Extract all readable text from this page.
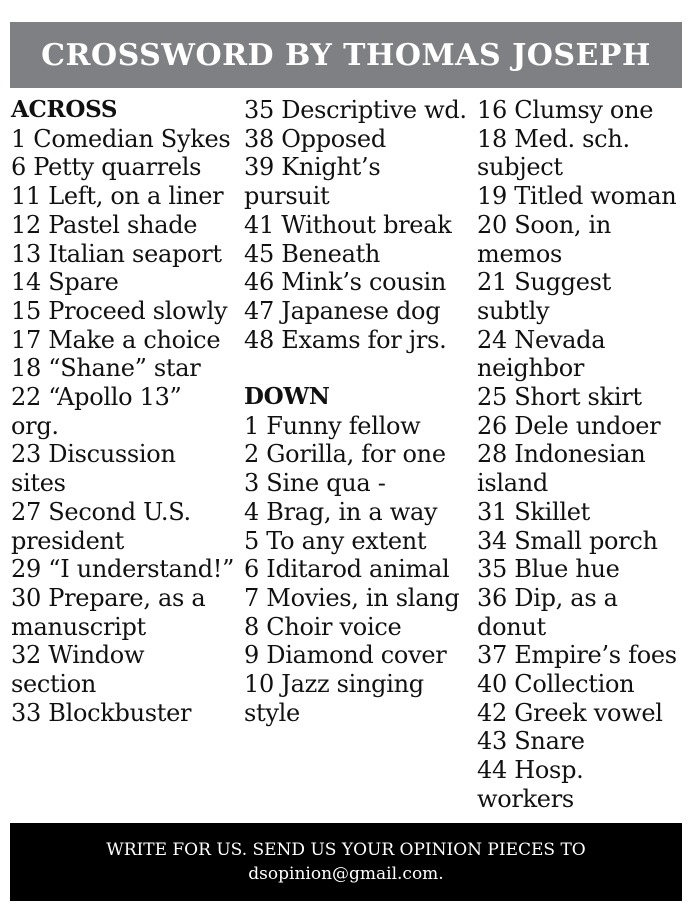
CROSSWORD BY THOMAS JOSEPH
ACROSS
1 Comedian Sykes
6 Petty quarrels
11 Left, on a liner
12 Pastel shade
13 Italian seaport
14 Spare
15 Proceed slowly
17 Make a choice
18 “Shane” star
22 “Apollo 13” org.
23 Discussion sites
27 Second U.S. president
29 “I understand!”
30 Prepare, as a manuscript
32 Window section
33 Blockbuster
35 Descriptive wd.
38 Opposed
39 Knight’s pursuit
41 Without break
45 Beneath
46 Mink’s cousin
47 Japanese dog
48 Exams for jrs.
DOWN
1 Funny fellow
2 Gorilla, for one
3 Sine qua -
4 Brag, in a way
5 To any extent
6 Iditarod animal
7 Movies, in slang
8 Choir voice
9 Diamond cover
10 Jazz singing style
16 Clumsy one
18 Med. sch. subject
19 Titled woman
20 Soon, in memos
21 Suggest subtly
24 Nevada neighbor
25 Short skirt
26 Dele undoer
28 Indonesian island
31 Skillet
34 Small porch
35 Blue hue
36 Dip, as a donut
37 Empire’s foes
40 Collection
42 Greek vowel
43 Snare
44 Hosp. workers
WRITE FOR US. SEND US YOUR OPINION PIECES TO
dsopinion@gmail.com.
